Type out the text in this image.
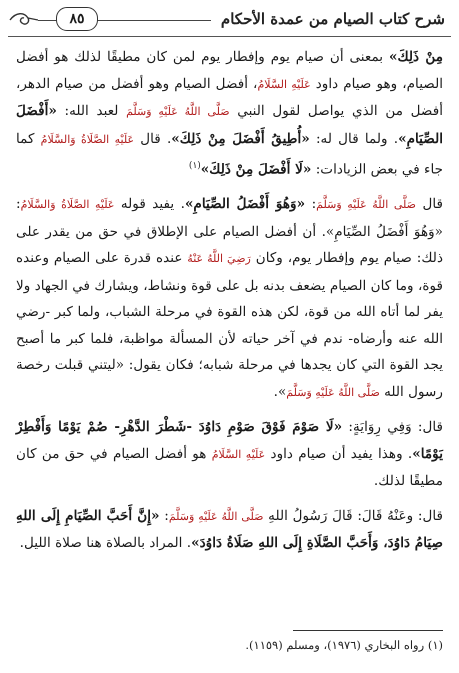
شرح كتاب الصيام من عمدة الأحكام
٨٥

مِنْ ذَلِكَ» بمعنى أن صيام يوم وإفطار يوم لمن كان مطيقًا لذلك هو أفضل الصيام، وهو صيام داود عَلَيْهِ السَّلَامُ، أفضل الصيام وهو أفضل من صيام الدهر، أفضل من الذي يواصل لقول النبي صَلَّى اللَّهُ عَلَيْهِ وَسَلَّمَ لعبد الله: «أَفْضَلَ الصِّيَامِ». ولما قال له: «أُطِيقُ أَفْضَلَ مِنْ ذَلِكَ». قال عَلَيْهِ الصَّلَاةُ وَالسَّلَامُ كما جاء في بعض الزيادات: «لَا أَفْضَلَ مِنْ ذَلِكَ»$^{(١)}$

قال صَلَّى اللَّهُ عَلَيْهِ وَسَلَّمَ: «وَهُوَ أَفْضَلُ الصِّيَامِ». يفيد قوله عَلَيْهِ الصَّلَاةُ وَالسَّلَامُ: «وَهُوَ أَفْضَلُ الصِّيَامِ». أن أفضل الصيام على الإطلاق في حق من يقدر على ذلك: صيام يوم وإفطار يوم، وكان رَضِيَ اللَّهُ عَنْهُ عنده قدرة على الصيام وعنده قوة، وما كان الصيام يضعف بدنه بل على قوة ونشاط، ويشارك في الجهاد ولا يفر لما أتاه الله من قوة، لكن هذه القوة في مرحلة الشباب، ولما كبر -رضي الله عنه وأرضاه- ندم في آخر حياته لأن المسألة مواظبة، فلما كبر ما أصبح يجد القوة التي كان يجدها في مرحلة شبابه؛ فكان يقول: «ليتني قبلت رخصة رسول الله صَلَّى اللَّهُ عَلَيْهِ وَسَلَّمَ».

قال: وَفِي رِوَايَةٍ: «لَا صَوْمَ فَوْقَ صَوْمِ دَاوُدَ -شَطْرَ الدَّهْرِ- صُمْ يَوْمًا وَأَفْطِرْ يَوْمًا». وهذا يفيد أن صيام داود عَلَيْهِ السَّلَامُ هو أفضل الصيام في حق من كان مطيقًا لذلك.

قال: وعَنْهُ قَالَ: قَالَ رَسُولُ اللهِ صَلَّى اللَّهُ عَلَيْهِ وَسَلَّمَ: «إِنَّ أَحَبَّ الصِّيَامِ إِلَى اللهِ صِيَامُ دَاوُدَ، وَأَحَبَّ الصَّلَاةِ إِلَى اللهِ صَلَاةُ دَاوُدَ». المراد بالصلاة هنا صلاة الليل.

(١) رواه البخاري (١٩٧٦)، ومسلم (١١٥٩).
